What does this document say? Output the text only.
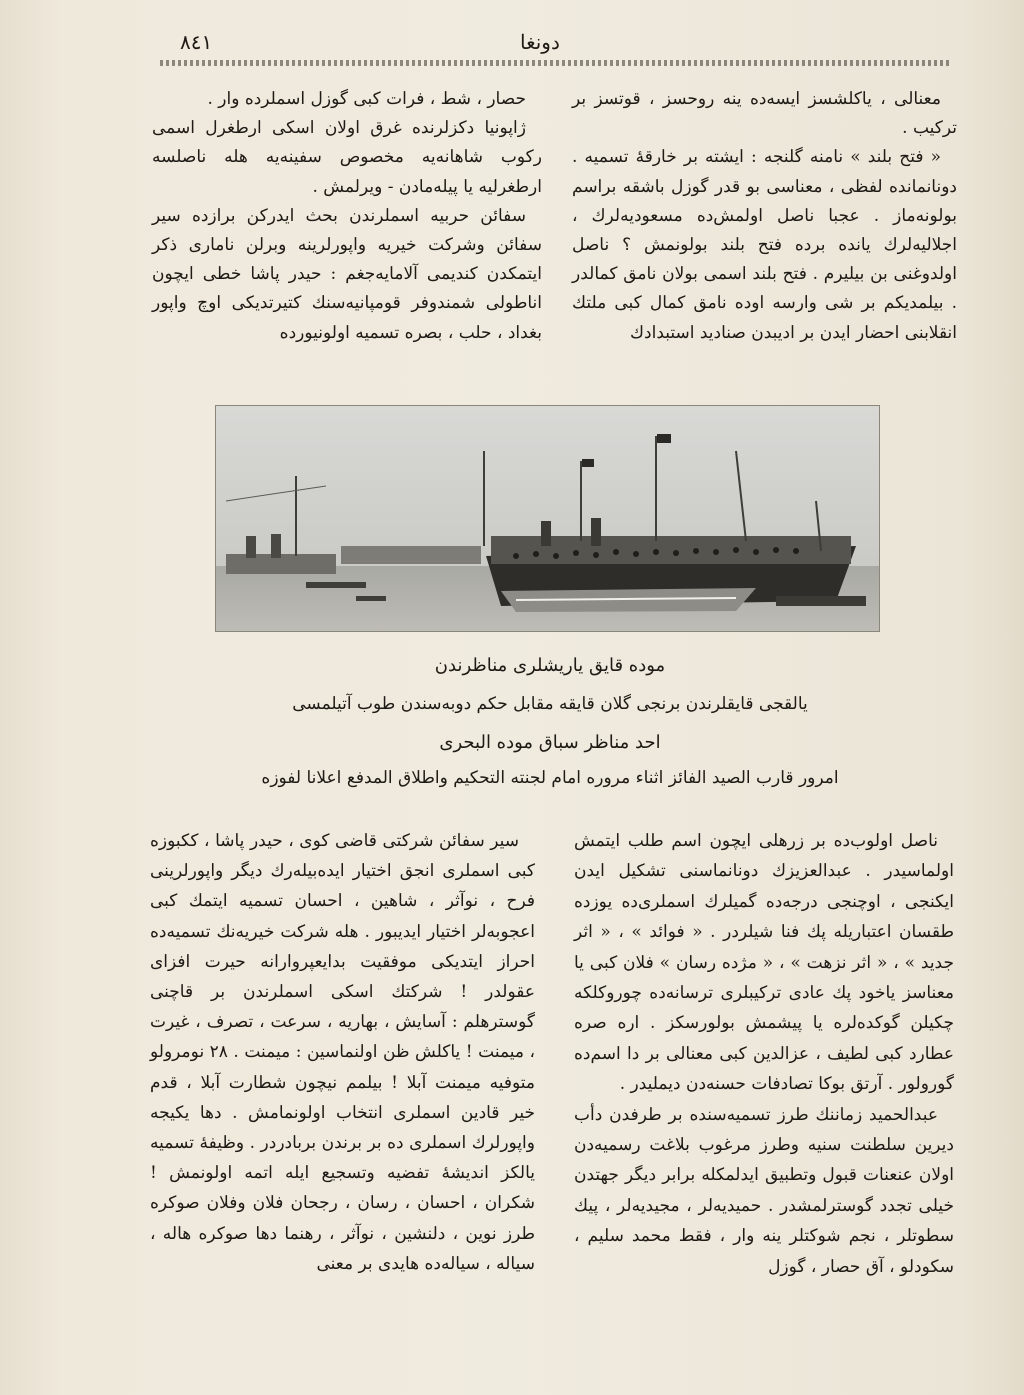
٨٤١	دونغا

معنالى ، ياكلشسز ايسه‌ده ينه روحسز ، قوتسز بر تركيب .

« فتح بلند » نامنه گلنجه : ايشته بر خارقهٔ تسميه . دونانمانده لفظى ، معناسى بو قدر گوزل باشقه براسم بولونه‌ماز . عجبا ناصل اولمش‌ده مسعوديه‌لرك ، اجلاليه‌لرك يانده برده فتح بلند بولونمش ؟ ناصل اولدوغنى بن بيليرم . فتح بلند اسمى بولان نامق كمالدر . بيلمديكم بر شى وارسه اوده نامق كمال كبى ملتك انقلابنى احضار ايدن بر اديبدن صناديد استبدادك

حصار ، شط ، فرات كبى گوزل اسملرده وار .

ژاپونيا دكزلرنده غرق اولان اسكى ارطغرل اسمى ركوب شاهانه‌يه مخصوص سفينه‌يه هله ناصلسه ارطغرليه يا پيله‌مادن - ويرلمش .

سفائن حربيه اسملرندن بحث ايدركن برازده سير سفائن وشركت خيريه واپورلرينه وبرلن نامارى ذكر ايتمكدن كنديمى آلامايه‌جغم : حيدر پاشا خطى ايچون اناطولى شمندوفر قومپانيه‌سنك كتيرتديكى اوچ واپور بغداد ، حلب ، بصره تسميه اولونيورده

موده قايق ياريشلرى مناظرندن
يالقجى قايقلرندن برنجى گلان قايقه مقابل حكم دوبه‌سندن طوب آتيلمسى
احد مناظر سباق موده البحرى
امرور قارب الصيد الفائز اثناء مروره امام لجنته التحكيم واطلاق المدفع اعلانا لفوزه

ناصل اولوب‌ده بر زرهلى ايچون اسم طلب ايتمش اولماسيدر . عبدالعزيزك دونانماسنى تشكيل ايدن ايكنجى ، اوچنجى درجه‌ده گميلرك اسملرى‌ده يوزده طقسان اعتباريله پك فنا شيلردر . « فوائد » ، « اثر جديد » ، « اثر نزهت » ، « مژده رسان » فلان كبى يا معناسز ياخود پك عادى تركيبلرى ترسانه‌ده چوروكلكه چكيلن گوكده‌لره يا پيشمش بولورسكز . اره صره عطارد كبى لطيف ، عزالدين كبى معنالى بر دا اسم‌ده گورولور . آرتق بوكا تصادفات حسنه‌دن ديمليدر .

عبدالحميد زماننك طرز تسميه‌سنده بر طرفدن دأب ديرين سلطنت سنيه وطرز مرغوب بلاغت رسميه‌دن اولان عنعنات قبول وتطبيق ايدلمكله برابر ديگر جهتدن خيلى تجدد گوسترلمشدر . حميديه‌لر ، مجيديه‌لر ، پيك سطوتلر ، نجم شوكتلر ينه وار ، فقط محمد سليم ، سكودلو ، آق حصار ، گوزل

سير سفائن شركتى قاضى كوى ، حيدر پاشا ، ككبوزه كبى اسملرى انجق اختيار ايده‌بيله‌رك ديگر واپورلرينى فرح ، نوآثر ، شاهين ، احسان تسميه ايتمك كبى اعجوبه‌لر اختيار ايديبور . هله شركت خيريه‌نك تسميه‌ده احراز ايتديكى موفقيت بدايعپروارانه حيرت افزاى عقولدر ! شركتك اسكى اسملرندن بر قاچنى گوسترهلم : آسايش ، بهاريه ، سرعت ، تصرف ، غيرت ، ميمنت ! ياكلش ظن اولنماسين : ميمنت . ٢٨ نومرولو متوفيه ميمنت آبلا ! بيلمم نيچون شطارت آبلا ، قدم خير قادين اسملرى انتخاب اولونمامش . دها يكيجه واپورلرك اسملرى ده بر برندن بربادردر . وظيفهٔ تسميه يالكز انديشهٔ تفضيه وتسجيع ايله اتمه اولونمش ! شكران ، احسان ، رسان ، رجحان فلان وفلان صوكره طرز نوين ، دلنشين ، نوآثر ، رهنما دها صوكره هاله ، سياله ، سياله‌ده هايدى بر معنى
